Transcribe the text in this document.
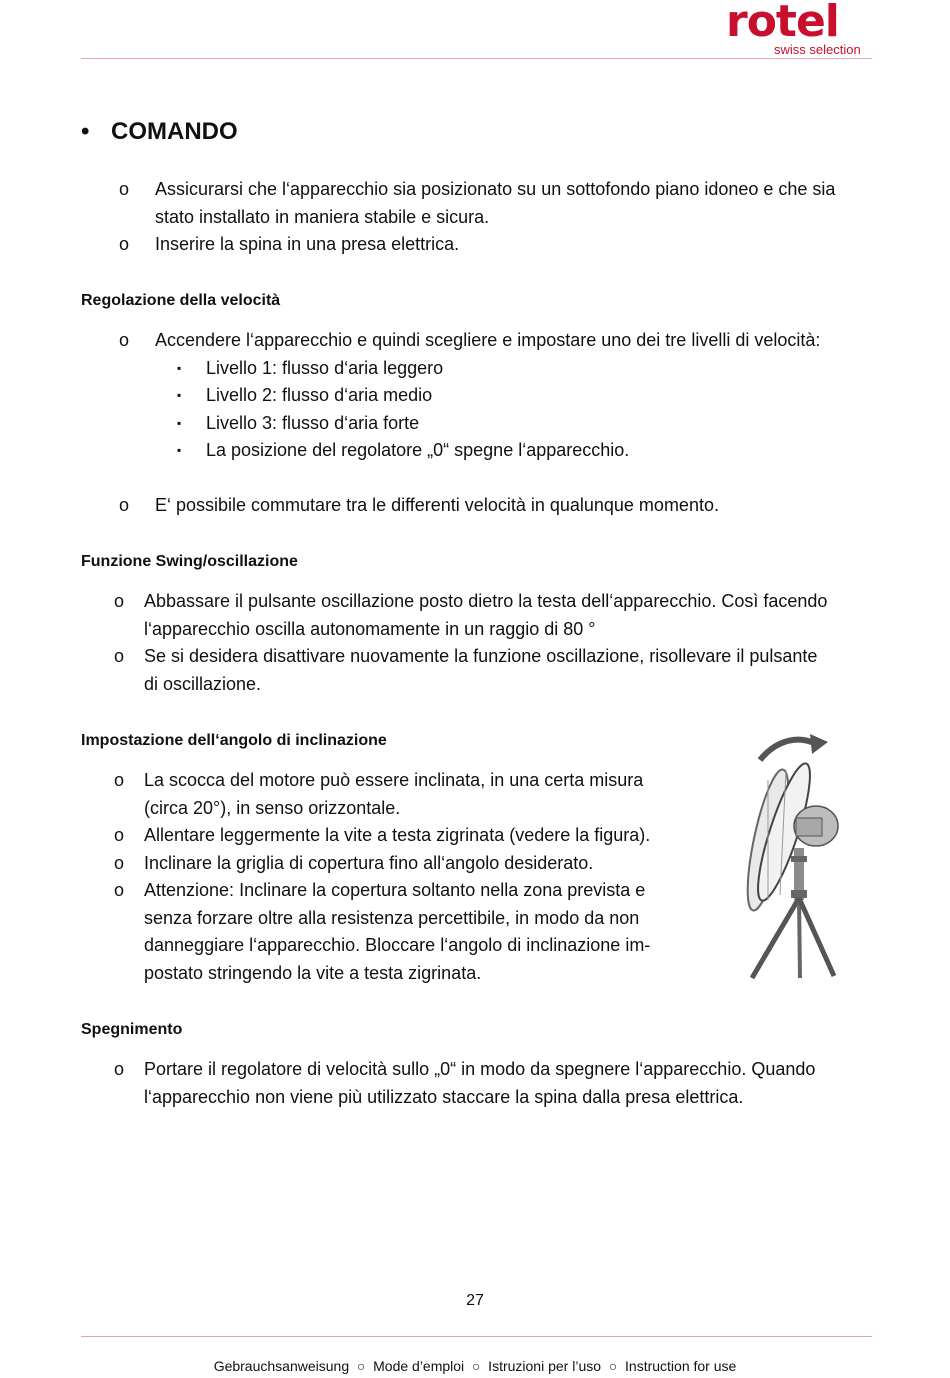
rotel
swiss selection
• COMANDO
o Assicurarsi che l‘apparecchio sia posizionato su un sottofondo piano idoneo e che sia
stato installato in maniera stabile e sicura.
o Inserire la spina in una presa elettrica.
Regolazione della velocità
o Accendere l‘apparecchio e quindi scegliere e impostare uno dei tre livelli di velocità:
▪ Livello 1: flusso d‘aria leggero
▪ Livello 2: flusso d‘aria medio
▪ Livello 3: flusso d‘aria forte
▪ La posizione del regolatore „0“ spegne l‘apparecchio.
o E‘ possibile commutare tra le differenti velocità in qualunque momento.
Funzione Swing/oscillazione
o Abbassare il pulsante oscillazione posto dietro la testa dell‘apparecchio. Così facendo
l‘apparecchio oscilla autonomamente in un raggio di 80 °
o Se si desidera disattivare nuovamente la funzione oscillazione, risollevare il pulsante
di oscillazione.
Impostazione dell‘angolo di inclinazione
o La scocca del motore può essere inclinata, in una certa misura
(circa 20°), in senso orizzontale.
o Allentare leggermente la vite a testa zigrinata (vedere la figura).
o Inclinare la griglia di copertura fino all‘angolo desiderato.
o Attenzione: Inclinare la copertura soltanto nella zona prevista e
senza forzare oltre alla resistenza percettibile, in modo da non
danneggiare l‘apparecchio. Bloccare l‘angolo di inclinazione im-
postato stringendo la vite a testa zigrinata.
Spegnimento
o Portare il regolatore di velocità sullo „0“ in modo da spegnere l‘apparecchio. Quando
l‘apparecchio non viene più utilizzato staccare la spina dalla presa elettrica.
27
Gebrauchsanweisung  ○  Mode d’emploi  ○  Istruzioni per l’uso  ○  Instruction for use
